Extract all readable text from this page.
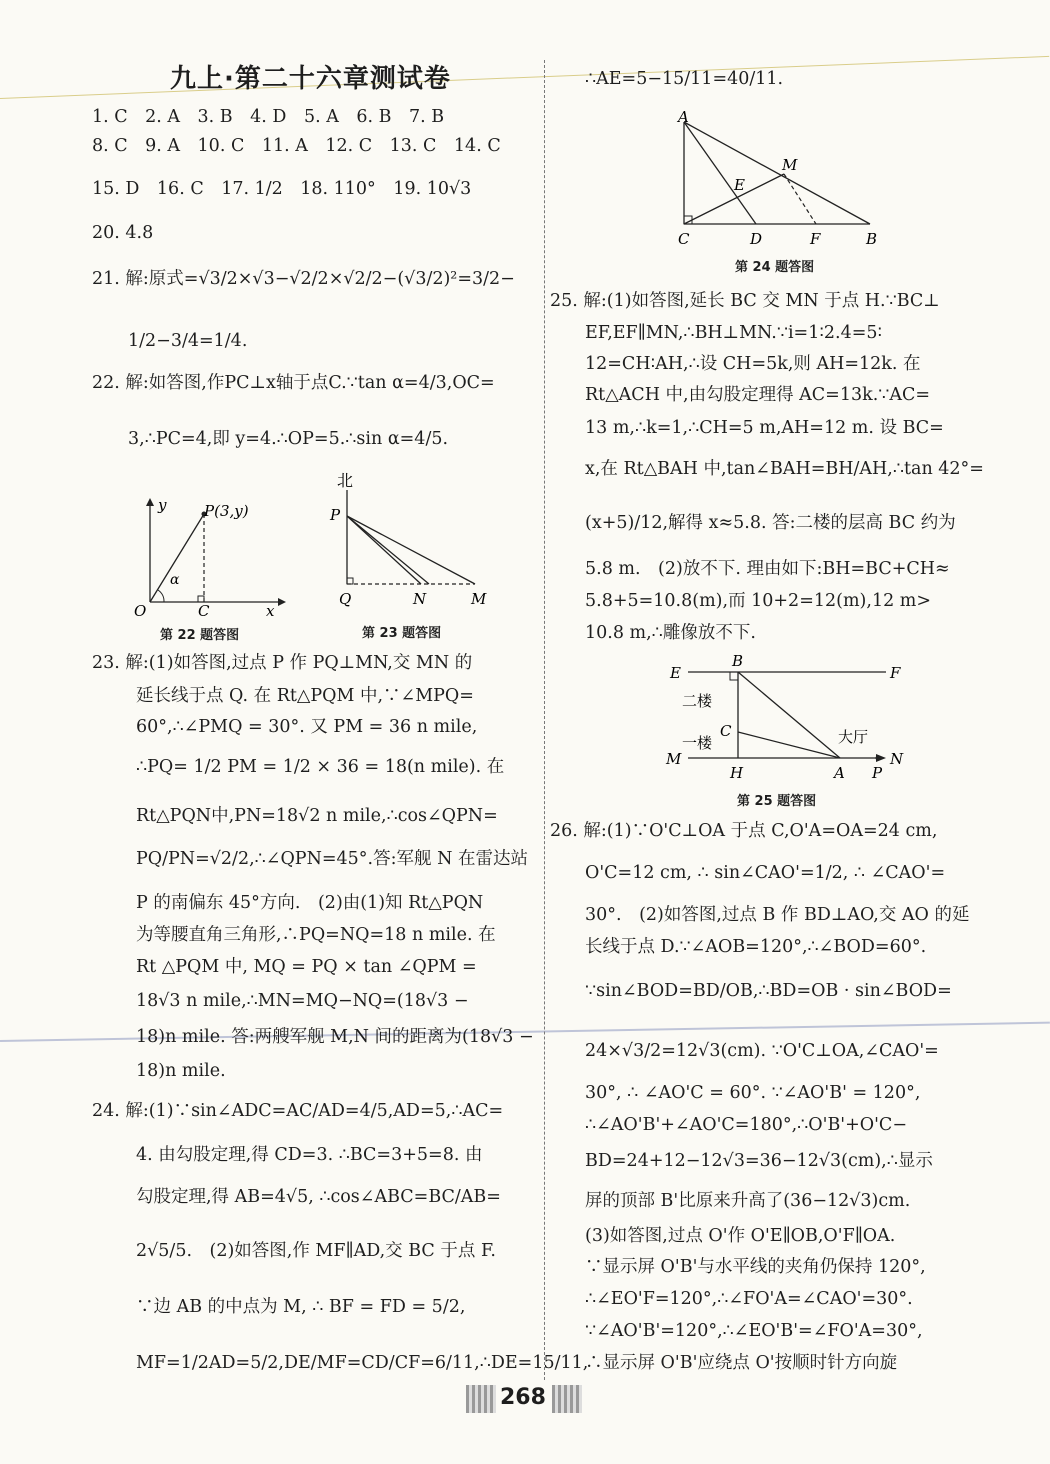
九上·第二十六章测试卷
1. C　2. A　3. B　4. D　5. A　6. B　7. B
8. C　9. A　10. C　11. A　12. C　13. C　14. C
15. D　16. C　17. 1/2　18. 110°　19. 10√3
20. 4.8
21. 解:原式=√3/2×√3−√2/2×√2/2−(√3/2)²=3/2−
1/2−3/4=1/4.
22. 解:如答图,作PC⊥x轴于点C.∵tan α=4/3,OC=
3,∴PC=4,即 y=4.∴OP=5.∴sin α=4/5.
y	P(3,y)
α
O	C	x
第 22 题答图
北
P
Q	N	M
第 23 题答图
23. 解:(1)如答图,过点 P 作 PQ⊥MN,交 MN 的
延长线于点 Q. 在 Rt△PQM 中,∵∠MPQ=
60°,∴∠PMQ = 30°. 又 PM = 36 n mile,
∴PQ= 1/2 PM = 1/2 × 36 = 18(n mile). 在
Rt△PQN中,PN=18√2 n mile,∴cos∠QPN=
PQ/PN=√2/2,∴∠QPN=45°.答:军舰 N 在雷达站
P 的南偏东 45°方向.　(2)由(1)知 Rt△PQN
为等腰直角三角形,∴PQ=NQ=18 n mile. 在
Rt △PQM 中, MQ = PQ × tan ∠QPM =
18√3 n mile,∴MN=MQ−NQ=(18√3 −
18)n mile. 答:两艘军舰 M,N 间的距离为(18√3 −
18)n mile.
24. 解:(1)∵sin∠ADC=AC/AD=4/5,AD=5,∴AC=
4. 由勾股定理,得 CD=3. ∴BC=3+5=8. 由
勾股定理,得 AB=4√5, ∴cos∠ABC=BC/AB=
2√5/5.　(2)如答图,作 MF∥AD,交 BC 于点 F.
∵边 AB 的中点为 M, ∴ BF = FD = 5/2,
MF=1/2AD=5/2,DE/MF=CD/CF=6/11,∴DE=15/11,
∴AE=5−15/11=40/11.
A
M
E
C	D	F	B
第 24 题答图
25. 解:(1)如答图,延长 BC 交 MN 于点 H.∵BC⊥
EF,EF∥MN,∴BH⊥MN.∵i=1∶2.4=5∶
12=CH∶AH,∴设 CH=5k,则 AH=12k. 在
Rt△ACH 中,由勾股定理得 AC=13k.∵AC=
13 m,∴k=1,∴CH=5 m,AH=12 m. 设 BC=
x,在 Rt△BAH 中,tan∠BAH=BH/AH,∴tan 42°=
(x+5)/12,解得 x≈5.8. 答:二楼的层高 BC 约为
5.8 m.　(2)放不下. 理由如下:BH=BC+CH≈
5.8+5=10.8(m),而 10+2=12(m),12 m>
10.8 m,∴雕像放不下.
E
B
F
二楼
C
一楼	大厅
M
H	A P
N
第 25 题答图
26. 解:(1)∵O'C⊥OA 于点 C,O'A=OA=24 cm,
O'C=12 cm, ∴ sin∠CAO'=1/2, ∴ ∠CAO'=
30°.　(2)如答图,过点 B 作 BD⊥AO,交 AO 的延
长线于点 D.∵∠AOB=120°,∴∠BOD=60°.
∵sin∠BOD=BD/OB,∴BD=OB · sin∠BOD=
24×√3/2=12√3(cm). ∵O'C⊥OA,∠CAO'=
30°, ∴ ∠AO'C = 60°. ∵∠AO'B' = 120°,
∴∠AO'B'+∠AO'C=180°,∴O'B'+O'C−
BD=24+12−12√3=36−12√3(cm),∴显示
屏的顶部 B'比原来升高了(36−12√3)cm.
(3)如答图,过点 O'作 O'E∥OB,O'F∥OA.
∵显示屏 O'B'与水平线的夹角仍保持 120°,
∴∠EO'F=120°,∴∠FO'A=∠CAO'=30°.
∵∠AO'B'=120°,∴∠EO'B'=∠FO'A=30°,
∴显示屏 O'B'应绕点 O'按顺时针方向旋
268
